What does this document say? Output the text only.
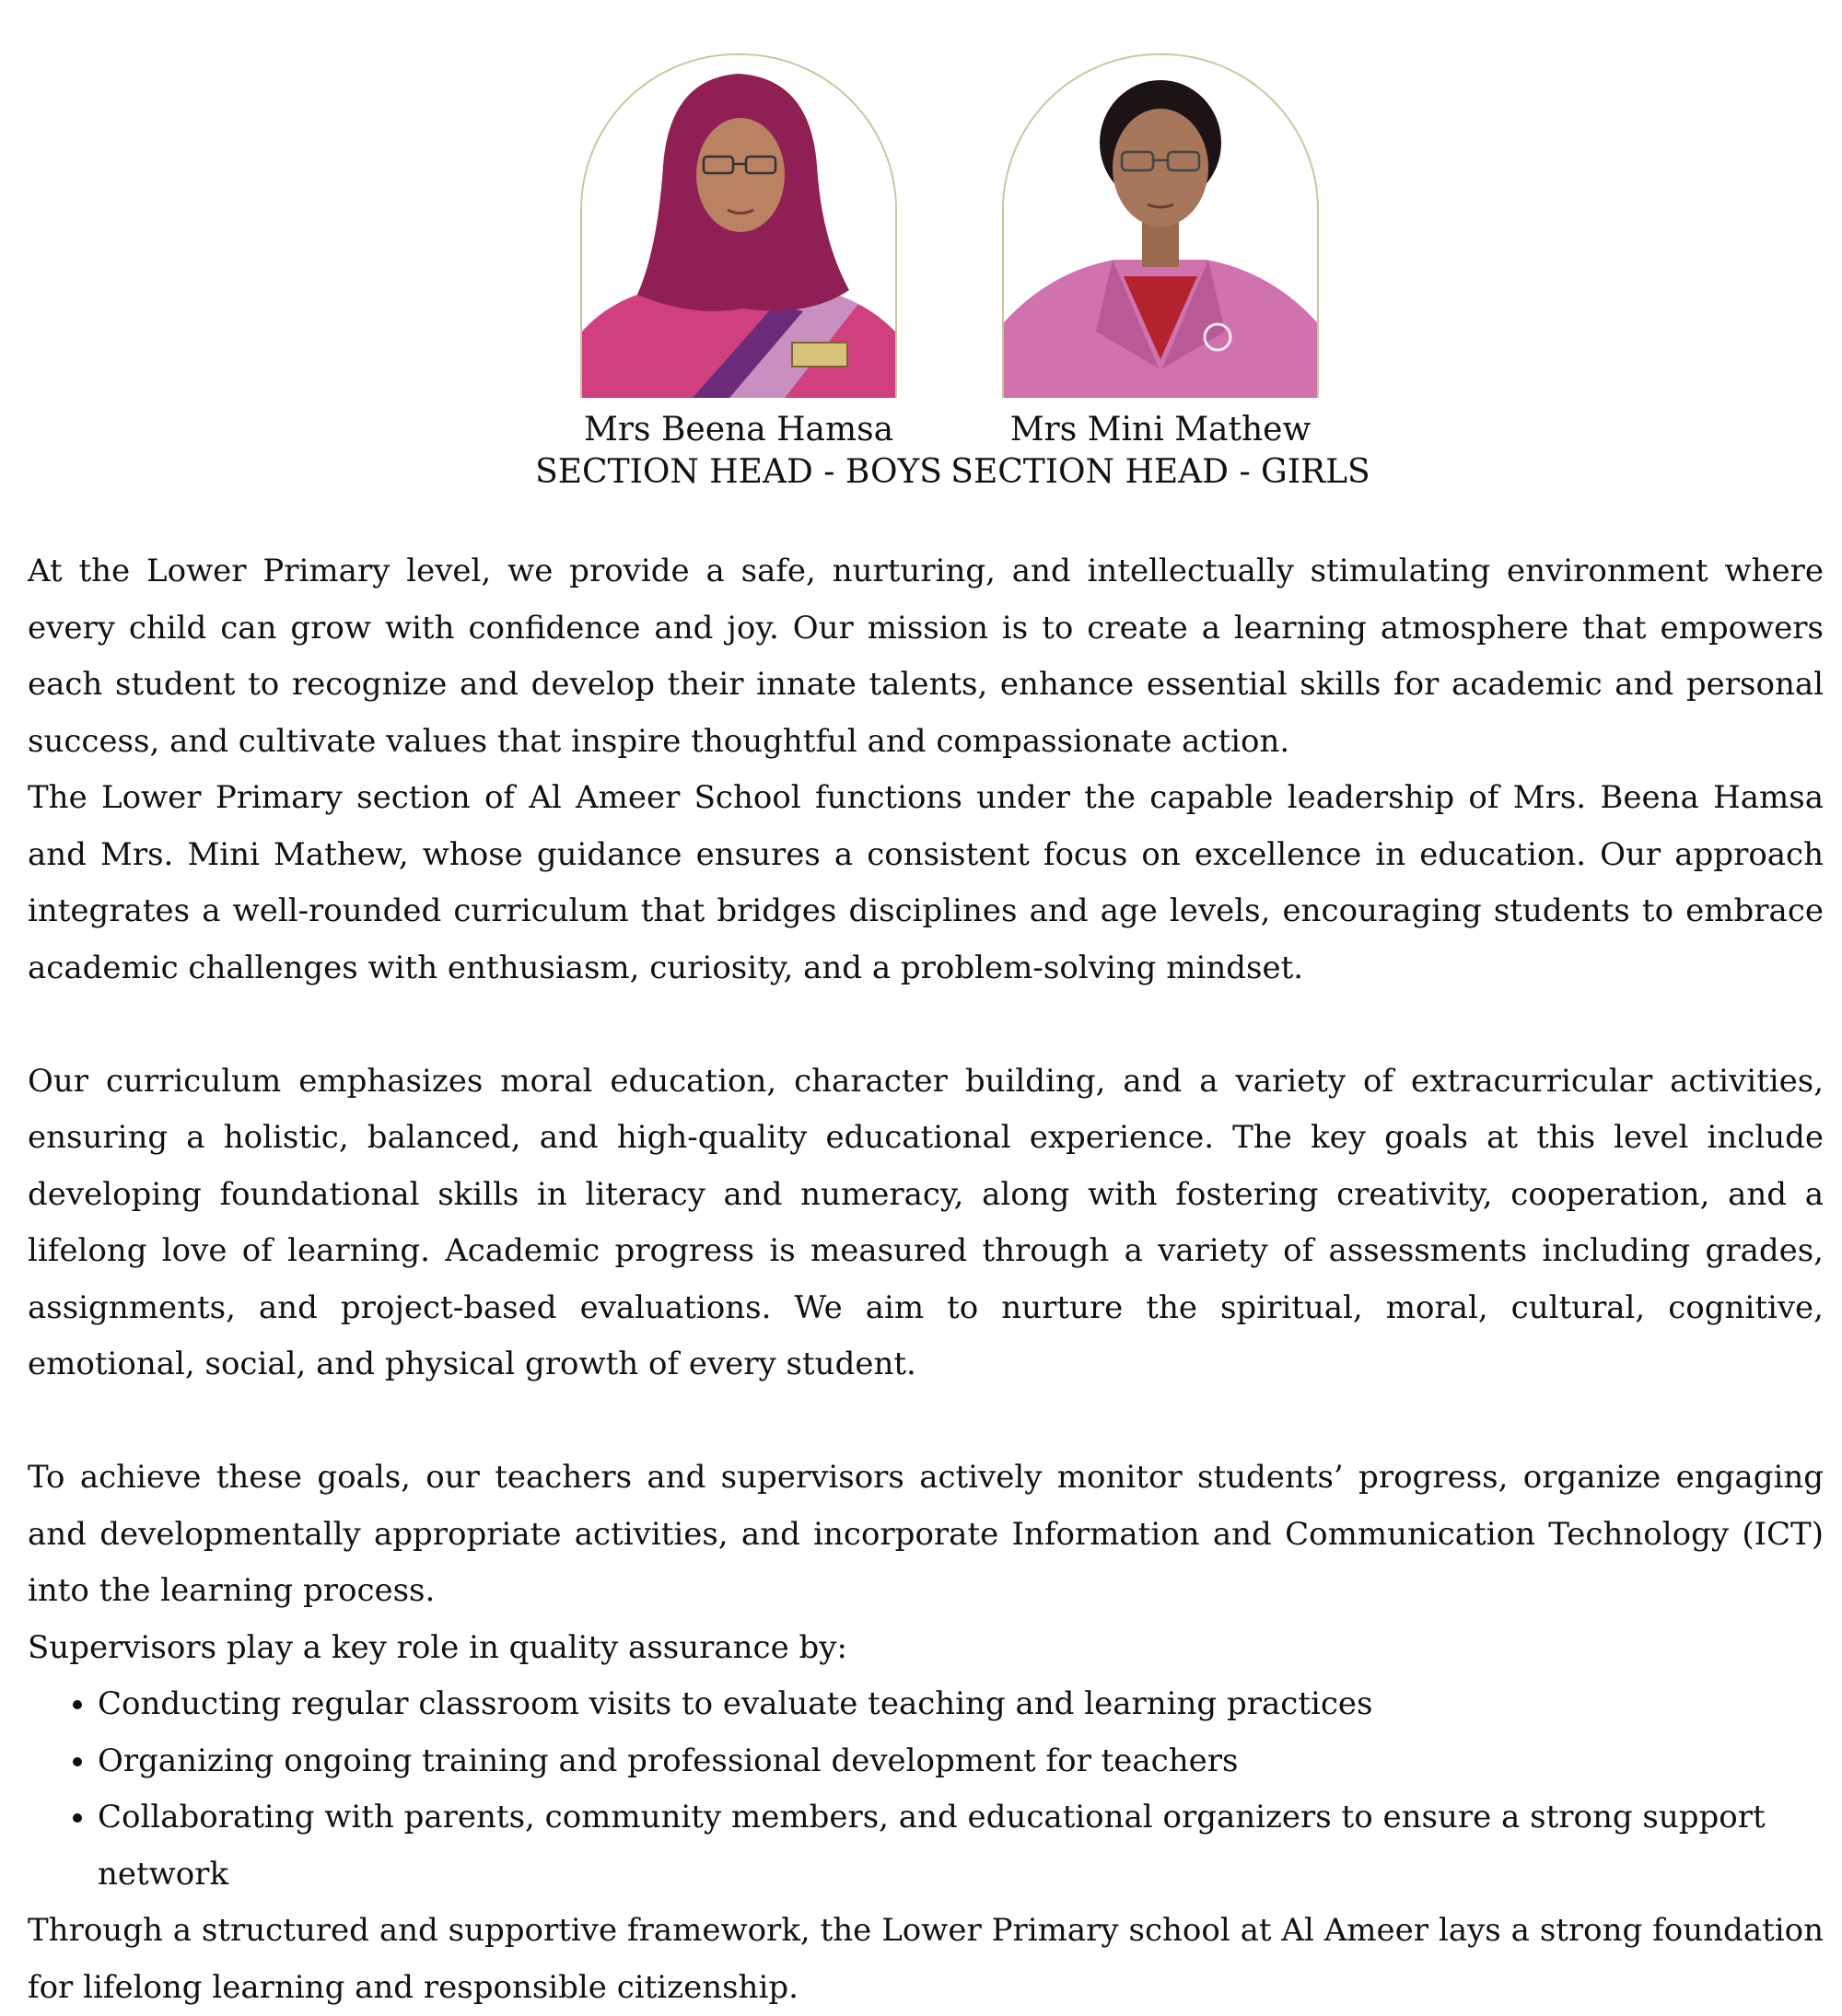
Mrs Beena Hamsa
SECTION HEAD - BOYS
Mrs Mini Mathew
SECTION HEAD - GIRLS

At the Lower Primary level, we provide a safe, nurturing, and intellectually stimulating environment where every child can grow with confidence and joy. Our mission is to create a learning atmosphere that empowers each student to recognize and develop their innate talents, enhance essential skills for academic and personal success, and cultivate values that inspire thoughtful and compassionate action.

The Lower Primary section of Al Ameer School functions under the capable leadership of Mrs. Beena Hamsa and Mrs. Mini Mathew, whose guidance ensures a consistent focus on excellence in education. Our approach integrates a well-rounded curriculum that bridges disciplines and age levels, encouraging students to embrace academic challenges with enthusiasm, curiosity, and a problem-solving mindset.

Our curriculum emphasizes moral education, character building, and a variety of extracurricular activities, ensuring a holistic, balanced, and high-quality educational experience. The key goals at this level include developing foundational skills in literacy and numeracy, along with fostering creativity, cooperation, and a lifelong love of learning. Academic progress is measured through a variety of assessments including grades, assignments, and project-based evaluations. We aim to nurture the spiritual, moral, cultural, cognitive, emotional, social, and physical growth of every student.

To achieve these goals, our teachers and supervisors actively monitor students’ progress, organize engaging and developmentally appropriate activities, and incorporate Information and Communication Technology (ICT) into the learning process.

Supervisors play a key role in quality assurance by:

• Conducting regular classroom visits to evaluate teaching and learning practices
• Organizing ongoing training and professional development for teachers
• Collaborating with parents, community members, and educational organizers to ensure a strong support network

Through a structured and supportive framework, the Lower Primary school at Al Ameer lays a strong foundation for lifelong learning and responsible citizenship.
